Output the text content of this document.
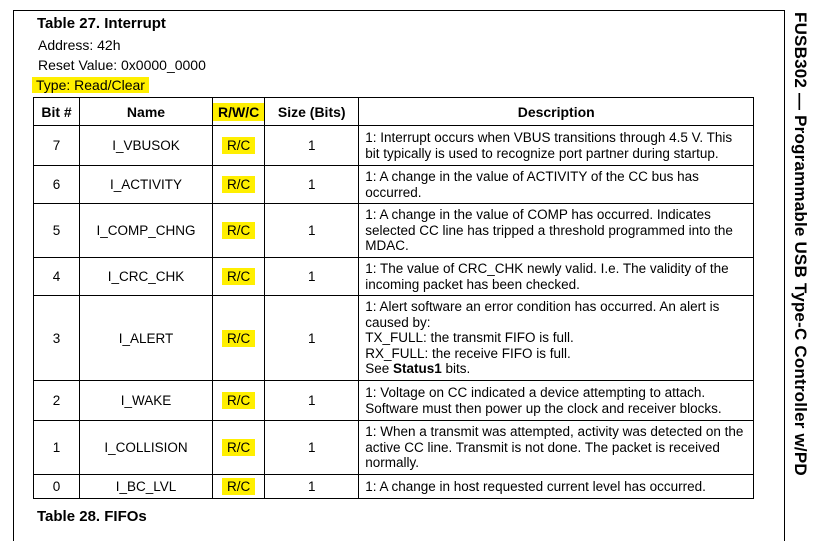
Table 27. Interrupt
Address: 42h
Reset Value: 0x0000_0000
Type: Read/Clear
Bit #	Name	R/W/C	Size (Bits)	Description
7	I_VBUSOK	R/C	1	1: Interrupt occurs when VBUS transitions through 4.5 V. This bit typically is used to recognize port partner during startup.
6	I_ACTIVITY	R/C	1	1: A change in the value of ACTIVITY of the CC bus has occurred.
5	I_COMP_CHNG	R/C	1	1: A change in the value of COMP has occurred. Indicates selected CC line has tripped a threshold programmed into the MDAC.
4	I_CRC_CHK	R/C	1	1: The value of CRC_CHK newly valid. I.e. The validity of the incoming packet has been checked.
3	I_ALERT	R/C	1	1: Alert software an error condition has occurred. An alert is caused by:
TX_FULL: the transmit FIFO is full.
RX_FULL: the receive FIFO is full.
See Status1 bits.
2	I_WAKE	R/C	1	1: Voltage on CC indicated a device attempting to attach. Software must then power up the clock and receiver blocks.
1	I_COLLISION	R/C	1	1: When a transmit was attempted, activity was detected on the active CC line. Transmit is not done. The packet is received normally.
0	I_BC_LVL	R/C	1	1: A change in host requested current level has occurred.
Table 28. FIFOs
FUSB302 — Programmable USB Type-C Controller w/PD
